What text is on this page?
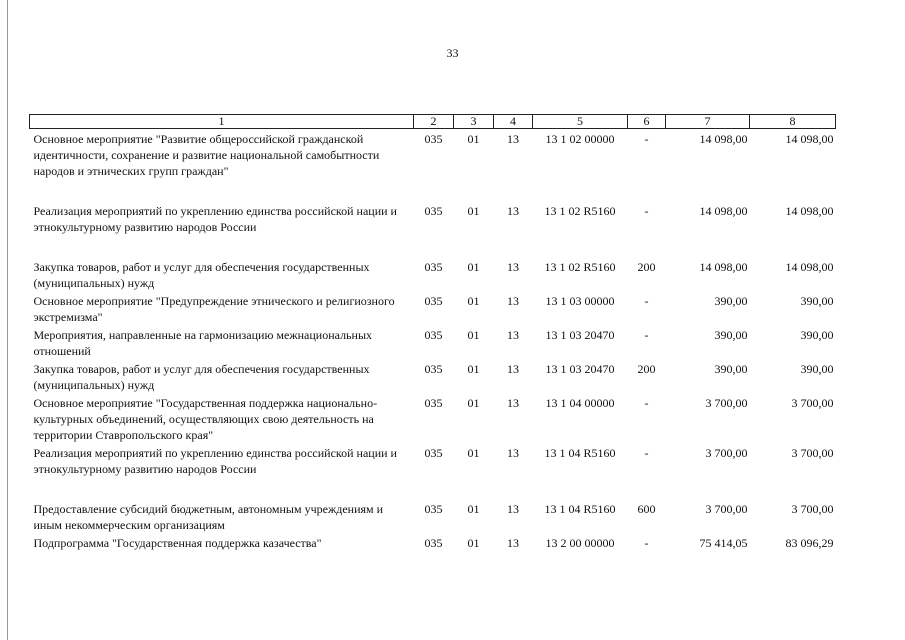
33
1	2	3	4	5	6	7	8
Основное мероприятие "Развитие общероссийской гражданской идентичности, сохранение и развитие национальной самобытности народов и этнических групп граждан"	035	01	13	13 1 02 00000	-	14 098,00	14 098,00

Реализация мероприятий по укреплению единства российской нации и этнокультурному развитию народов России	035	01	13	13 1 02 R5160	-	14 098,00	14 098,00

Закупка товаров, работ и услуг для обеспечения государственных (муниципальных) нужд	035	01	13	13 1 02 R5160	200	14 098,00	14 098,00
Основное мероприятие "Предупреждение этнического и религиозного экстремизма"	035	01	13	13 1 03 00000	-	390,00	390,00
Мероприятия, направленные на гармонизацию межнациональных отношений	035	01	13	13 1 03 20470	-	390,00	390,00
Закупка товаров, работ и услуг для обеспечения государственных (муниципальных) нужд	035	01	13	13 1 03 20470	200	390,00	390,00
Основное мероприятие "Государственная поддержка национально-культурных объединений, осуществляющих свою деятельность на территории Ставропольского края"	035	01	13	13 1 04 00000	-	3 700,00	3 700,00
Реализация мероприятий по укреплению единства российской нации и этнокультурному развитию народов России	035	01	13	13 1 04 R5160	-	3 700,00	3 700,00

Предоставление субсидий бюджетным, автономным учреждениям и иным некоммерческим организациям	035	01	13	13 1 04 R5160	600	3 700,00	3 700,00
Подпрограмма "Государственная поддержка казачества"	035	01	13	13 2 00 00000	-	75 414,05	83 096,29
